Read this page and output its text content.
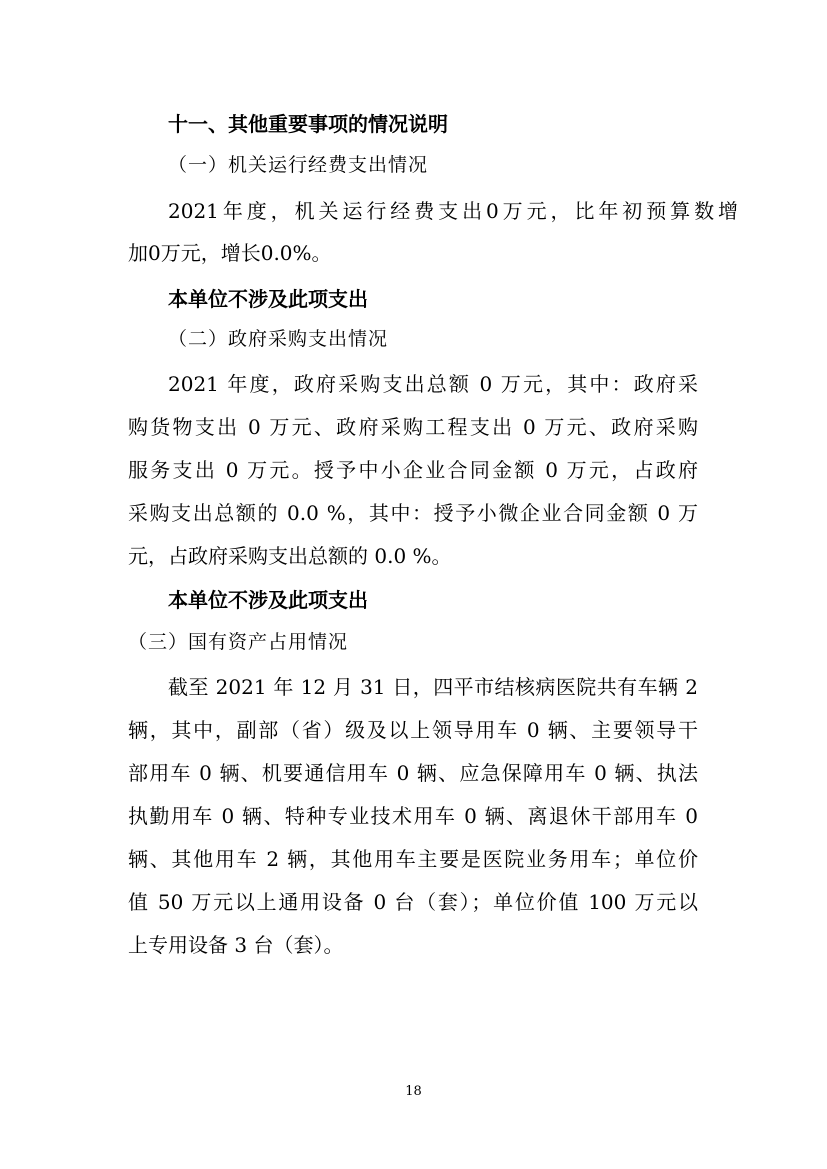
十一、其他重要事项的情况说明
（一）机关运行经费支出情况
2021年度，机关运行经费支出0万元，比年初预算数增
加0万元，增长0.0%。
本单位不涉及此项支出
（二）政府采购支出情况
2021 年度，政府采购支出总额 0 万元，其中：政府采
购货物支出 0 万元、政府采购工程支出 0 万元、政府采购
服务支出 0 万元。授予中小企业合同金额 0 万元，占政府
采购支出总额的 0.0 %，其中：授予小微企业合同金额 0 万
元，占政府采购支出总额的 0.0 %。
本单位不涉及此项支出
（三）国有资产占用情况
截至 2021 年 12 月 31 日，四平市结核病医院共有车辆 2
辆，其中，副部（省）级及以上领导用车 0 辆、主要领导干
部用车 0 辆、机要通信用车 0 辆、应急保障用车 0 辆、执法
执勤用车 0 辆、特种专业技术用车 0 辆、离退休干部用车 0
辆、其他用车 2 辆，其他用车主要是医院业务用车；单位价
值 50 万元以上通用设备 0 台（套）；单位价值 100 万元以
上专用设备 3 台（套）。
18
